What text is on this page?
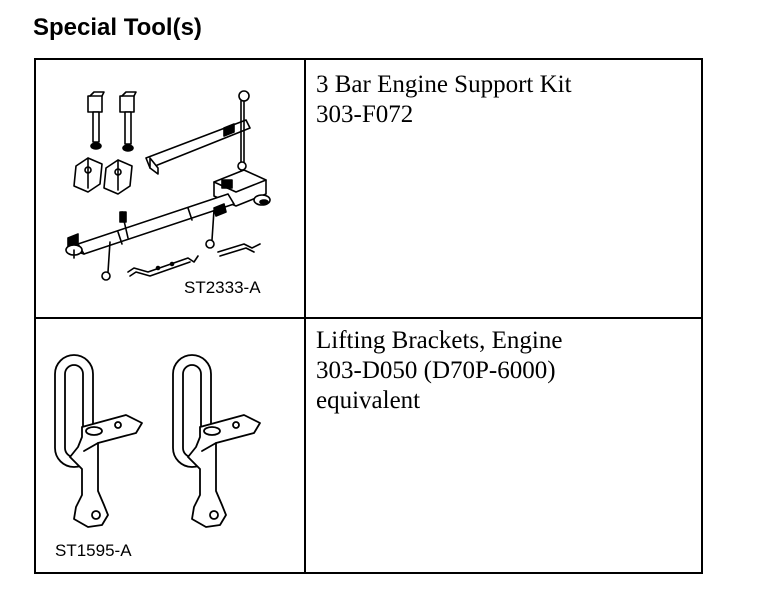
Special Tool(s)
ST2333-A
3 Bar Engine Support Kit
303-F072
ST1595-A
Lifting Brackets, Engine
303-D050 (D70P-6000)
equivalent
